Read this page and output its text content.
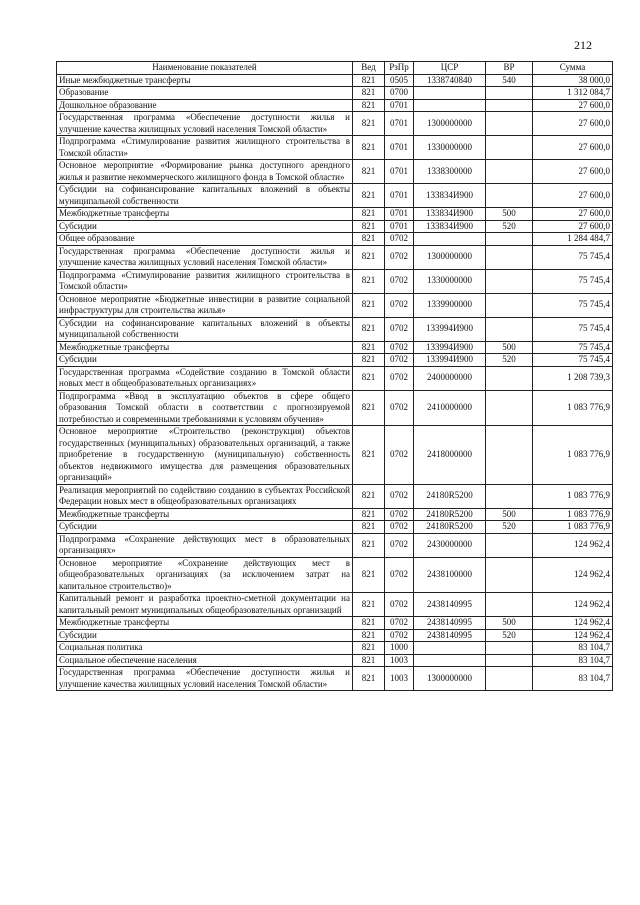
212
Наименование показателей	Вед	РзПр	ЦСР	ВР	Сумма
Иные межбюджетные трансферты	821	0505	1338740840	540	38 000,0
Образование	821	0700			1 312 084,7
Дошкольное образование	821	0701			27 600,0
Государственная программа «Обеспечение доступности жилья и улучшение качества жилищных условий населения Томской области»	821	0701	1300000000		27 600,0
Подпрограмма «Стимулирование развития жилищного строительства в Томской области»	821	0701	1330000000		27 600,0
Основное мероприятие «Формирование рынка доступного арендного жилья и развитие некоммерческого жилищного фонда в Томской области»	821	0701	1338300000		27 600,0
Субсидии на софинансирование капитальных вложений в объекты муниципальной собственности	821	0701	133834И900		27 600,0
Межбюджетные трансферты	821	0701	133834И900	500	27 600,0
Субсидии	821	0701	133834И900	520	27 600,0
Общее образование	821	0702			1 284 484,7
Государственная программа «Обеспечение доступности жилья и улучшение качества жилищных условий населения Томской области»	821	0702	1300000000		75 745,4
Подпрограмма «Стимулирование развития жилищного строительства в Томской области»	821	0702	1330000000		75 745,4
Основное мероприятие «Бюджетные инвестиции в развитие социальной инфраструктуры для строительства жилья»	821	0702	1339900000		75 745,4
Субсидии на софинансирование капитальных вложений в объекты муниципальной собственности	821	0702	133994И900		75 745,4
Межбюджетные трансферты	821	0702	133994И900	500	75 745,4
Субсидии	821	0702	133994И900	520	75 745,4
Государственная программа «Содействие созданию в Томской области новых мест в общеобразовательных организациях»	821	0702	2400000000		1 208 739,3
Подпрограмма «Ввод в эксплуатацию объектов в сфере общего образования Томской области в соответствии с прогнозируемой потребностью и современными требованиями к условиям обучения»	821	0702	2410000000		1 083 776,9
Основное мероприятие «Строительство (реконструкция) объектов государственных (муниципальных) образовательных организаций, а также приобретение в государственную (муниципальную) собственность объектов недвижимого имущества для размещения образовательных организаций»	821	0702	2418000000		1 083 776,9
Реализация мероприятий по содействию созданию в субъектах Российской Федерации новых мест в общеобразовательных организациях	821	0702	24180R5200		1 083 776,9
Межбюджетные трансферты	821	0702	24180R5200	500	1 083 776,9
Субсидии	821	0702	24180R5200	520	1 083 776,9
Подпрограмма «Сохранение действующих мест в образовательных организациях»	821	0702	2430000000		124 962,4
Основное мероприятие «Сохранение действующих мест в общеобразовательных организациях (за исключением затрат на капитальное строительство)»	821	0702	2438100000		124 962,4
Капитальный ремонт и разработка проектно-сметной документации на капитальный ремонт муниципальных общеобразовательных организаций	821	0702	2438140995		124 962,4
Межбюджетные трансферты	821	0702	2438140995	500	124 962,4
Субсидии	821	0702	2438140995	520	124 962,4
Социальная политика	821	1000			83 104,7
Социальное обеспечение населения	821	1003			83 104,7
Государственная программа «Обеспечение доступности жилья и улучшение качества жилищных условий населения Томской области»	821	1003	1300000000		83 104,7
